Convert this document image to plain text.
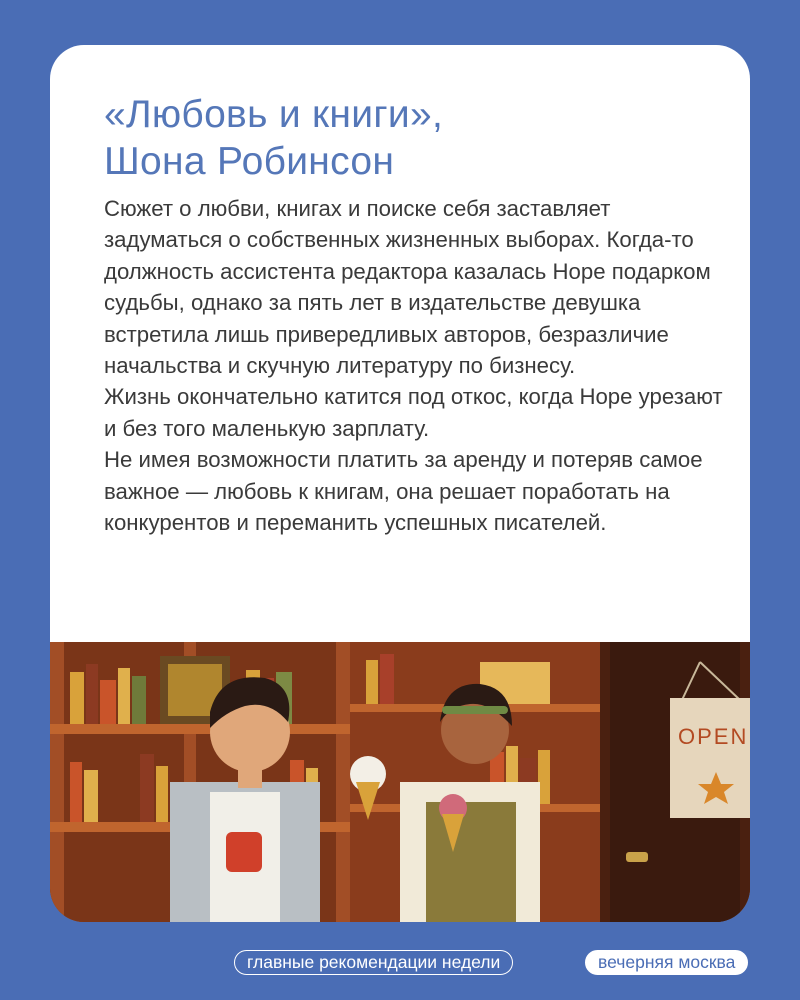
«Любовь и книги»,
Шона Робинсон

Сюжет о любви, книгах и поиске себя заставляет задуматься о собственных жизненных выборах. Когда-то должность ассистента редактора казалась Норе подарком судьбы, однако за пять лет в издательстве девушка встретила лишь привередливых авторов, безразличие начальства и скучную литературу по бизнесу.

Жизнь окончательно катится под откос, когда Норе урезают и без того маленькую зарплату.

Не имея возможности платить за аренду и потеряв самое важное — любовь к книгам, она решает поработать на конкурентов и переманить успешных писателей.

OPEN
главные рекомендации недели	вечерняя москва
